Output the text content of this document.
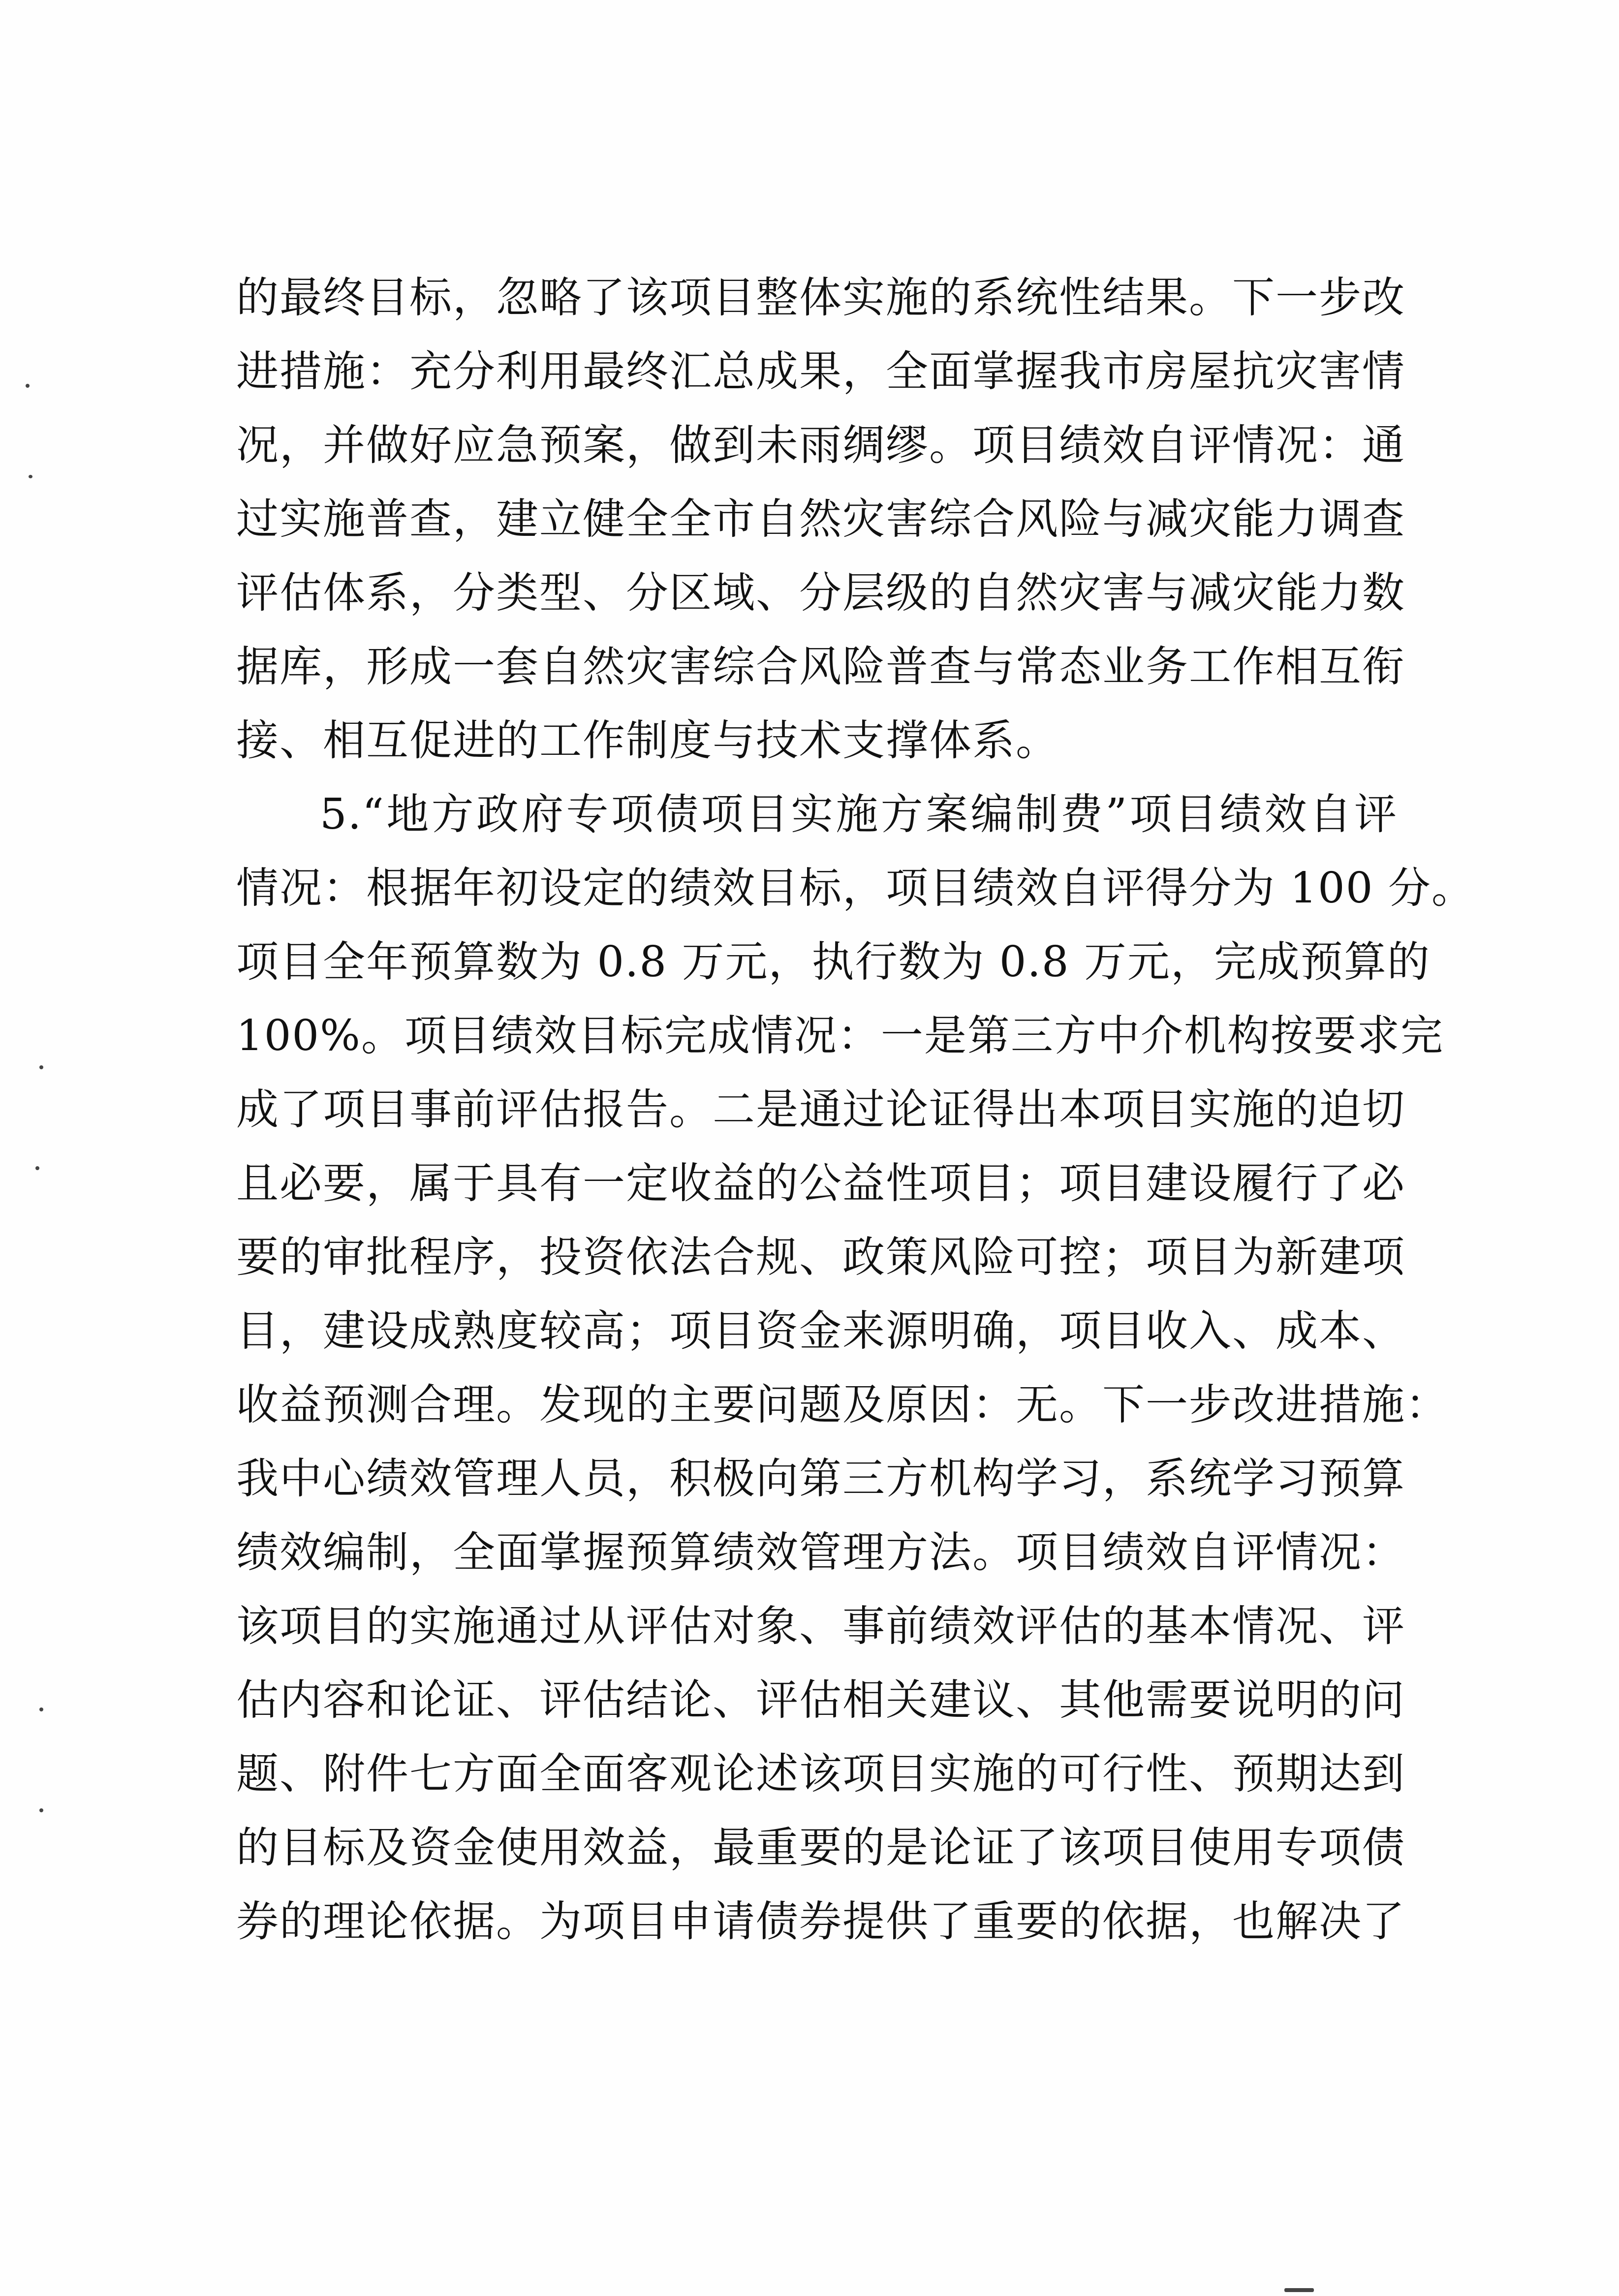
的最终目标，忽略了该项目整体实施的系统性结果。下一步改
进措施：充分利用最终汇总成果，全面掌握我市房屋抗灾害情
况，并做好应急预案，做到未雨绸缪。项目绩效自评情况：通
过实施普查，建立健全全市自然灾害综合风险与减灾能力调查
评估体系，分类型、分区域、分层级的自然灾害与减灾能力数
据库，形成一套自然灾害综合风险普查与常态业务工作相互衔
接、相互促进的工作制度与技术支撑体系。
5.“地方政府专项债项目实施方案编制费”项目绩效自评
情况：根据年初设定的绩效目标，项目绩效自评得分为 100 分。
项目全年预算数为 0.8 万元，执行数为 0.8 万元，完成预算的
100%。项目绩效目标完成情况：一是第三方中介机构按要求完
成了项目事前评估报告。二是通过论证得出本项目实施的迫切
且必要，属于具有一定收益的公益性项目；项目建设履行了必
要的审批程序，投资依法合规、政策风险可控；项目为新建项
目，建设成熟度较高；项目资金来源明确，项目收入、成本、
收益预测合理。发现的主要问题及原因：无。下一步改进措施：
我中心绩效管理人员，积极向第三方机构学习，系统学习预算
绩效编制，全面掌握预算绩效管理方法。项目绩效自评情况：
该项目的实施通过从评估对象、事前绩效评估的基本情况、评
估内容和论证、评估结论、评估相关建议、其他需要说明的问
题、附件七方面全面客观论述该项目实施的可行性、预期达到
的目标及资金使用效益，最重要的是论证了该项目使用专项债
券的理论依据。为项目申请债券提供了重要的依据，也解决了
